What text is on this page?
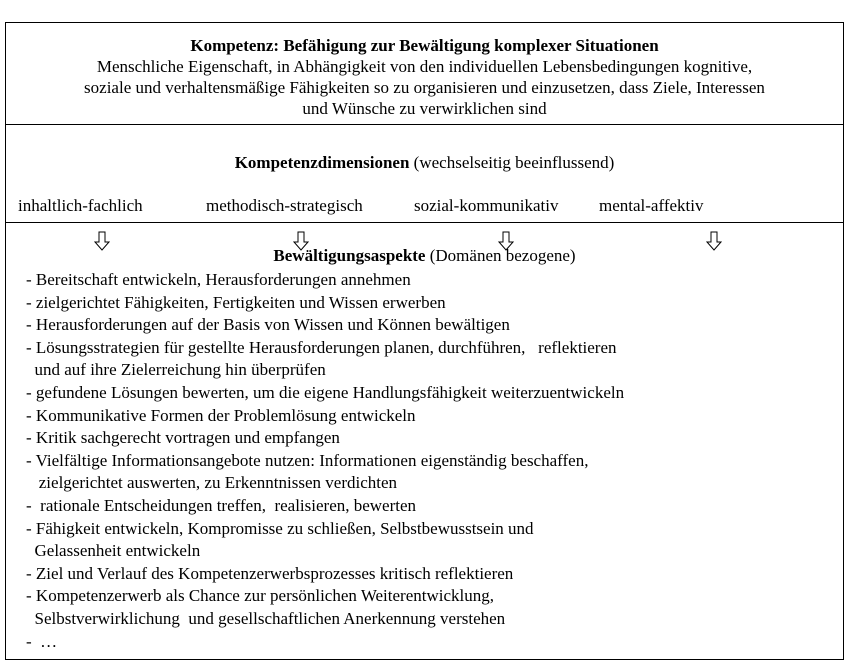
Kompetenz: Befähigung zur Bewältigung komplexer Situationen
Menschliche Eigenschaft, in Abhängigkeit von den individuellen Lebensbedingungen kognitive,
soziale und verhaltensmäßige Fähigkeiten so zu organisieren und einzusetzen, dass Ziele, Interessen
und Wünsche zu verwirklichen sind
Kompetenzdimensionen (wechselseitig beeinflussend)
inhaltlich-fachlich	methodisch-strategisch	sozial-kommunikativ mental-affektiv
Bewältigungsaspekte (Domänen bezogene)
- Bereitschaft entwickeln, Herausforderungen annehmen
- zielgerichtet Fähigkeiten, Fertigkeiten und Wissen erwerben
- Herausforderungen auf der Basis von Wissen und Können bewältigen
- Lösungsstrategien für gestellte Herausforderungen planen, durchführen,   reflektieren
und auf ihre Zielerreichung hin überprüfen
- gefundene Lösungen bewerten, um die eigene Handlungsfähigkeit weiterzuentwickeln
- Kommunikative Formen der Problemlösung entwickeln
- Kritik sachgerecht vortragen und empfangen
- Vielfältige Informationsangebote nutzen: Informationen eigenständig beschaffen,
zielgerichtet auswerten, zu Erkenntnissen verdichten
-  rationale Entscheidungen treffen,  realisieren, bewerten
- Fähigkeit entwickeln, Kompromisse zu schließen, Selbstbewusstsein und
Gelassenheit entwickeln
- Ziel und Verlauf des Kompetenzerwerbsprozesses kritisch reflektieren
- Kompetenzerwerb als Chance zur persönlichen Weiterentwicklung,
Selbstverwirklichung  und gesellschaftlichen Anerkennung verstehen
-  …
